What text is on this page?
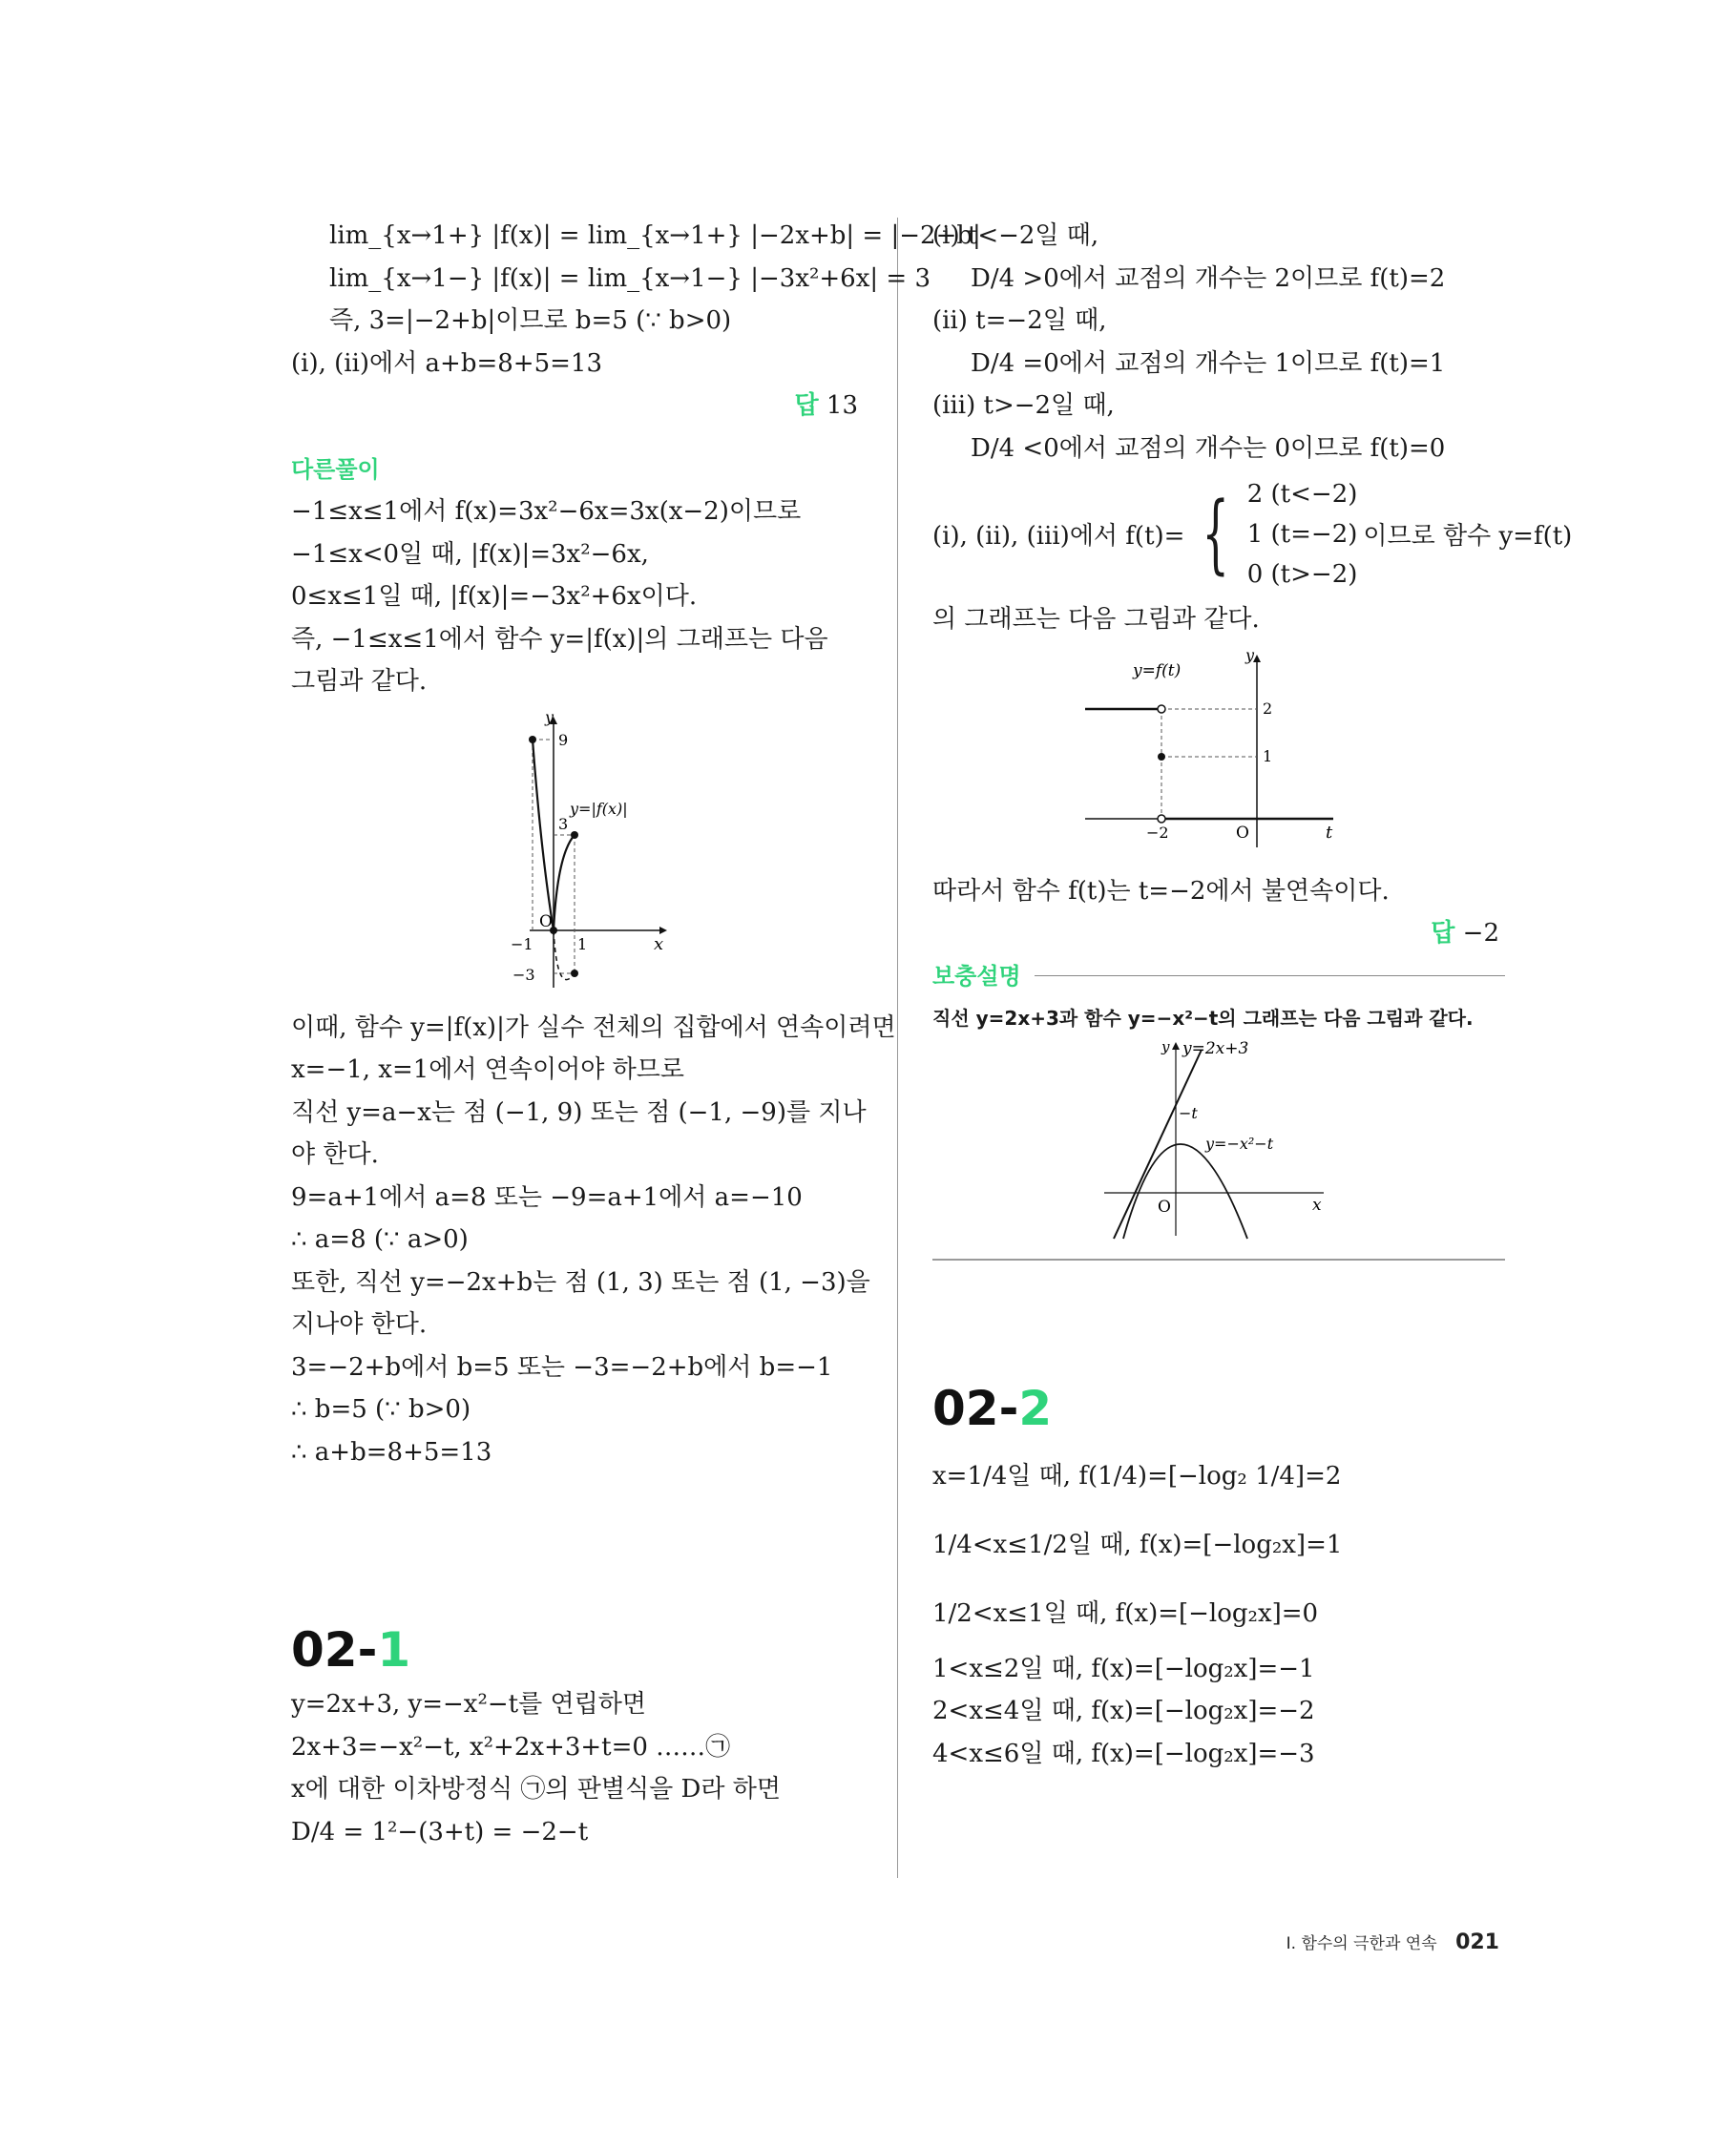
lim_{x→1+} |f(x)| = lim_{x→1+} |−2x+b| = |−2+b|
lim_{x→1−} |f(x)| = lim_{x→1−} |−3x²+6x| = 3
즉, 3=|−2+b|이므로 b=5 (∵ b>0)
(ⅰ), (ⅱ)에서 a+b=8+5=13
답 13
다른풀이
−1≤x≤1에서 f(x)=3x²−6x=3x(x−2)이므로
−1≤x<0일 때, |f(x)|=3x²−6x,
0≤x≤1일 때, |f(x)|=−3x²+6x이다.
즉, −1≤x≤1에서 함수 y=|f(x)|의 그래프는 다음
그림과 같다.
y
x
9
3
−3
−1	1
O
y=|f(x)|
이때, 함수 y=|f(x)|가 실수 전체의 집합에서 연속이려면
x=−1, x=1에서 연속이어야 하므로
직선 y=a−x는 점 (−1, 9) 또는 점 (−1, −9)를 지나
야 한다.
9=a+1에서 a=8 또는 −9=a+1에서 a=−10
∴ a=8 (∵ a>0)
또한, 직선 y=−2x+b는 점 (1, 3) 또는 점 (1, −3)을
지나야 한다.
3=−2+b에서 b=5 또는 −3=−2+b에서 b=−1
∴ b=5 (∵ b>0)
∴ a+b=8+5=13
02-1
y=2x+3, y=−x²−t를 연립하면
2x+3=−x²−t, x²+2x+3+t=0 ……㉠
x에 대한 이차방정식 ㉠의 판별식을 D라 하면
D/4 = 1²−(3+t) = −2−t
(ⅰ) t<−2일 때,
D/4 >0에서 교점의 개수는 2이므로 f(t)=2
(ⅱ) t=−2일 때,
D/4 =0에서 교점의 개수는 1이므로 f(t)=1
(ⅲ) t>−2일 때,
D/4 <0에서 교점의 개수는 0이므로 f(t)=0
(ⅰ), (ⅱ), (ⅲ)에서 f(t)= { 2 (t<−2)
1 (t=−2)
0 (t>−2)
이므로 함수 y=f(t)
의 그래프는 다음 그림과 같다.
y=f(t)
y
t
2
1
−2	O
따라서 함수 f(t)는 t=−2에서 불연속이다.
답 −2
보충설명
직선 y=2x+3과 함수 y=−x²−t의 그래프는 다음 그림과 같다.
y y=2x+3
−t
y=−x²−t
O	x
02-2
x=1/4일 때, f(1/4)=[−log₂ 1/4]=2
1/4<x≤1/2일 때, f(x)=[−log₂x]=1
1/2<x≤1일 때, f(x)=[−log₂x]=0
1<x≤2일 때, f(x)=[−log₂x]=−1
2<x≤4일 때, f(x)=[−log₂x]=−2
4<x≤6일 때, f(x)=[−log₂x]=−3
Ⅰ. 함수의 극한과 연속 021
